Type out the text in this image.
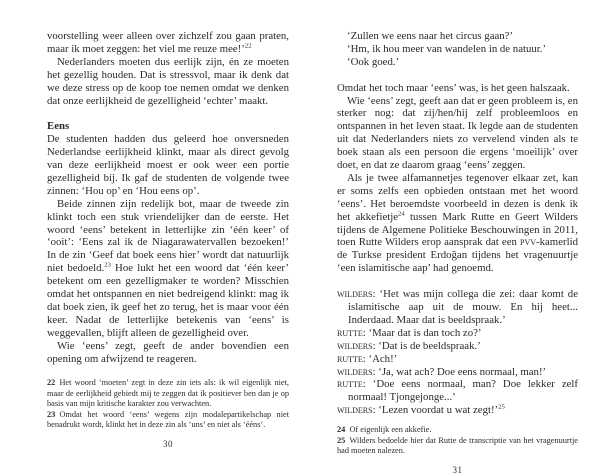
voorstelling weer alleen over zichzelf zou gaan praten, maar ik moet zeggen: het viel me reuze mee!’$^{22}$

Nederlanders moeten dus eerlijk zijn, én ze moeten het gezellig houden. Dat is stressvol, maar ik denk dat we deze stress op de koop toe nemen omdat we denken dat onze eerlijkheid de gezelligheid ‘echter’ maakt.

Eens

De studenten hadden dus geleerd hoe onversneden Nederlandse eerlijkheid klinkt, maar als direct gevolg van deze eerlijkheid moest er ook weer een portie gezelligheid bij. Ik gaf de studenten de volgende twee zinnen: ‘Hou op’ en ‘Hou eens op’.

Beide zinnen zijn redelijk bot, maar de tweede zin klinkt toch een stuk vriendelijker dan de eerste. Het woord ‘eens’ betekent in letterlijke zin ‘één keer’ of ‘ooit’: ‘Eens zal ik de Niagarawatervallen bezoeken!’ In de zin ‘Geef dat boek eens hier’ wordt dat natuurlijk niet bedoeld.$^{23}$ Hoe lukt het een woord dat ‘één keer’ betekent om een gezelligmaker te worden? Misschien omdat het ontspannen en niet bedreigend klinkt: mag ik dat boek zien, ik geef het zo terug, het is maar voor één keer. Nadat de letterlijke betekenis van ‘eens’ is weggevallen, blijft alleen de gezelligheid over.

Wie ‘eens’ zegt, geeft de ander bovendien een opening om afwijzend te reageren.

22 Het woord ‘moeten’ zegt in deze zin iets als: ik wil eigenlijk niet, maar de eerlijkheid gebiedt mij te zeggen dat ik positiever ben dan je op basis van mijn kritische karakter zou verwachten.

23 Omdat het woord ‘eens’ wegens zijn modalepartikelschap niet benadrukt wordt, klinkt het in deze zin als ‘uns’ en niet als ‘ééns’.

30

‘Zullen we eens naar het circus gaan?’

‘Hm, ik hou meer van wandelen in de natuur.’

‘Ook goed.’

Omdat het toch maar ‘eens’ was, is het geen halszaak.

Wie ‘eens’ zegt, geeft aan dat er geen probleem is, en sterker nog: dat zij/hen/hij zelf probleemloos en ontspannen in het leven staat. Ik legde aan de studenten uit dat Nederlanders niets zo vervelend vinden als te boek staan als een persoon die ergens ‘moeilijk’ over doet, en dat ze daarom graag ‘eens’ zeggen.

Als je twee alfamannetjes tegenover elkaar zet, kan er soms zelfs een opbieden ontstaan met het woord ‘eens’. Het beroemdste voorbeeld in dezen is denk ik het akkefietje$^{24}$ tussen Mark Rutte en Geert Wilders tijdens de Algemene Politieke Beschouwingen in 2011, toen Rutte Wilders erop aansprak dat een pvv-kamerlid de Turkse president Erdoğan tijdens het vragenuurtje ‘een islamitische aap’ had genoemd.

wilders: ‘Het was mijn collega die zei: daar komt de islamitische aap uit de mouw. En hij heet... Inderdaad. Maar dat is beeldspraak.’

rutte: ‘Maar dat is dan toch zo?’

wilders: ‘Dat is de beeldspraak.’

rutte: ‘Ach!’

wilders: ‘Ja, wat ach? Doe eens normaal, man!’

rutte: ‘Doe eens normaal, man? Doe lekker zelf normaal! Tjongejonge...’

wilders: ‘Lezen voordat u wat zegt!’$^{25}$

24 Of eigenlijk een akkefie.

25 Wilders bedoelde hier dat Rutte de transcriptie van het vragenuurtje had moeten nalezen.

31
